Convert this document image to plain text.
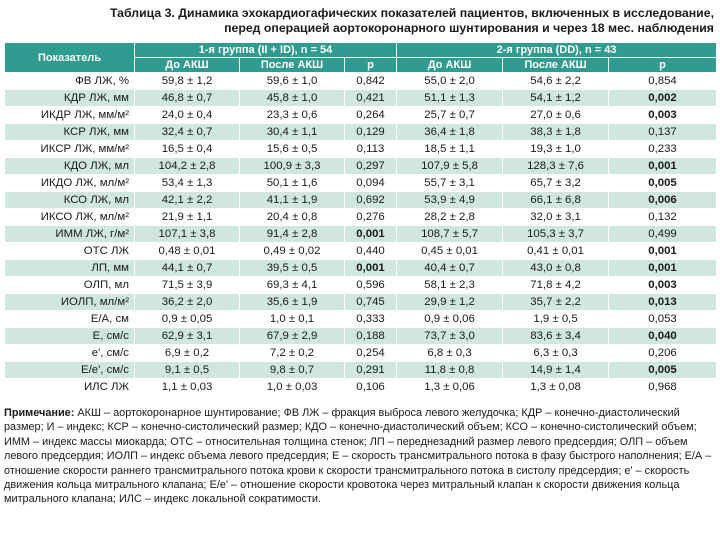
Таблица 3. Динамика эхокардиогафических показателей пациентов, включенных в исследование,
перед операцией аортокоронарного шунтирования и через 18 мес. наблюдения
Показатель	1-я группа (II + ID), n = 54			2-я группа (DD), n = 43		
	До АКШ	После АКШ	р	До АКШ	После АКШ	р
ФВ ЛЖ, %	59,8 ± 1,2	59,6 ± 1,0	0,842	55,0 ± 2,0	54,6 ± 2,2	0,854
КДР ЛЖ, мм	46,8 ± 0,7	45,8 ± 1,0	0,421	51,1 ± 1,3	54,1 ± 1,2	0,002
ИКДР ЛЖ, мм/м²	24,0 ± 0,4	23,3 ± 0,6	0,264	25,7 ± 0,7	27,0 ± 0,6	0,003
КСР ЛЖ, мм	32,4 ± 0,7	30,4 ± 1,1	0,129	36,4 ± 1,8	38,3 ± 1,8	0,137
ИКСР ЛЖ, мм/м²	16,5 ± 0,4	15,6 ± 0,5	0,113	18,5 ± 1,1	19,3 ± 1,0	0,233
КДО ЛЖ, мл	104,2 ± 2,8	100,9 ± 3,3	0,297	107,9 ± 5,8	128,3 ± 7,6	0,001
ИКДО ЛЖ, мл/м²	53,4 ± 1,3	50,1 ± 1,6	0,094	55,7 ± 3,1	65,7 ± 3,2	0,005
КСО ЛЖ, мл	42,1 ± 2,2	41,1 ± 1,9	0,692	53,9 ± 4,9	66,1 ± 6,8	0,006
ИКСО ЛЖ, мл/м²	21,9 ± 1,1	20,4 ± 0,8	0,276	28,2 ± 2,8	32,0 ± 3,1	0,132
ИММ ЛЖ, г/м²	107,1 ± 3,8	91,4 ± 2,8	0,001	108,7 ± 5,7	105,3 ± 3,7	0,499
ОТС ЛЖ	0,48 ± 0,01	0,49 ± 0,02	0,440	0,45 ± 0,01	0,41 ± 0,01	0,001
ЛП, мм	44,1 ± 0,7	39,5 ± 0,5	0,001	40,4 ± 0,7	43,0 ± 0,8	0,001
ОЛП, мл	71,5 ± 3,9	69,3 ± 4,1	0,596	58,1 ± 2,3	71,8 ± 4,2	0,003
ИОЛП, мл/м²	36,2 ± 2,0	35,6 ± 1,9	0,745	29,9 ± 1,2	35,7 ± 2,2	0,013
Е/А, см	0,9 ± 0,05	1,0 ± 0,1	0,333	0,9 ± 0,06	1,9 ± 0,5	0,053
Е, см/с	62,9 ± 3,1	67,9 ± 2,9	0,188	73,7 ± 3,0	83,6 ± 3,4	0,040
е', см/с	6,9 ± 0,2	7,2 ± 0,2	0,254	6,8 ± 0,3	6,3 ± 0,3	0,206
Е/е', см/с	9,1 ± 0,5	9,8 ± 0,7	0,291	11,8 ± 0,8	14,9 ± 1,4	0,005
ИЛС ЛЖ	1,1 ± 0,03	1,0 ± 0,03	0,106	1,3 ± 0,06	1,3 ± 0,08	0,968
Примечание: АКШ – аортокоронарное шунтирование; ФВ ЛЖ – фракция выброса левого желудочка; КДР – конечно-диастолический размер; И – индекс; КСР – конечно-систолический размер; КДО – конечно-диастолический объем; КСО – конечно-систолический объем; ИММ – индекс массы миокарда; ОТС – относительная толщина стенок; ЛП – переднезадний размер левого предсердия; ОЛП – объем левого предсердия; ИОЛП – индекс объема левого предсердия; Е – скорость трансмитрального потока в фазу быстрого наполнения; Е/А – отношение скорости раннего трансмитрального потока крови к скорости трансмитрального потока в систолу предсердия; е' – скорость движения кольца митрального клапана; Е/е' – отношение скорости кровотока через митральный клапан к скорости движения кольца митрального клапана; ИЛС – индекс локальной сократимости.
